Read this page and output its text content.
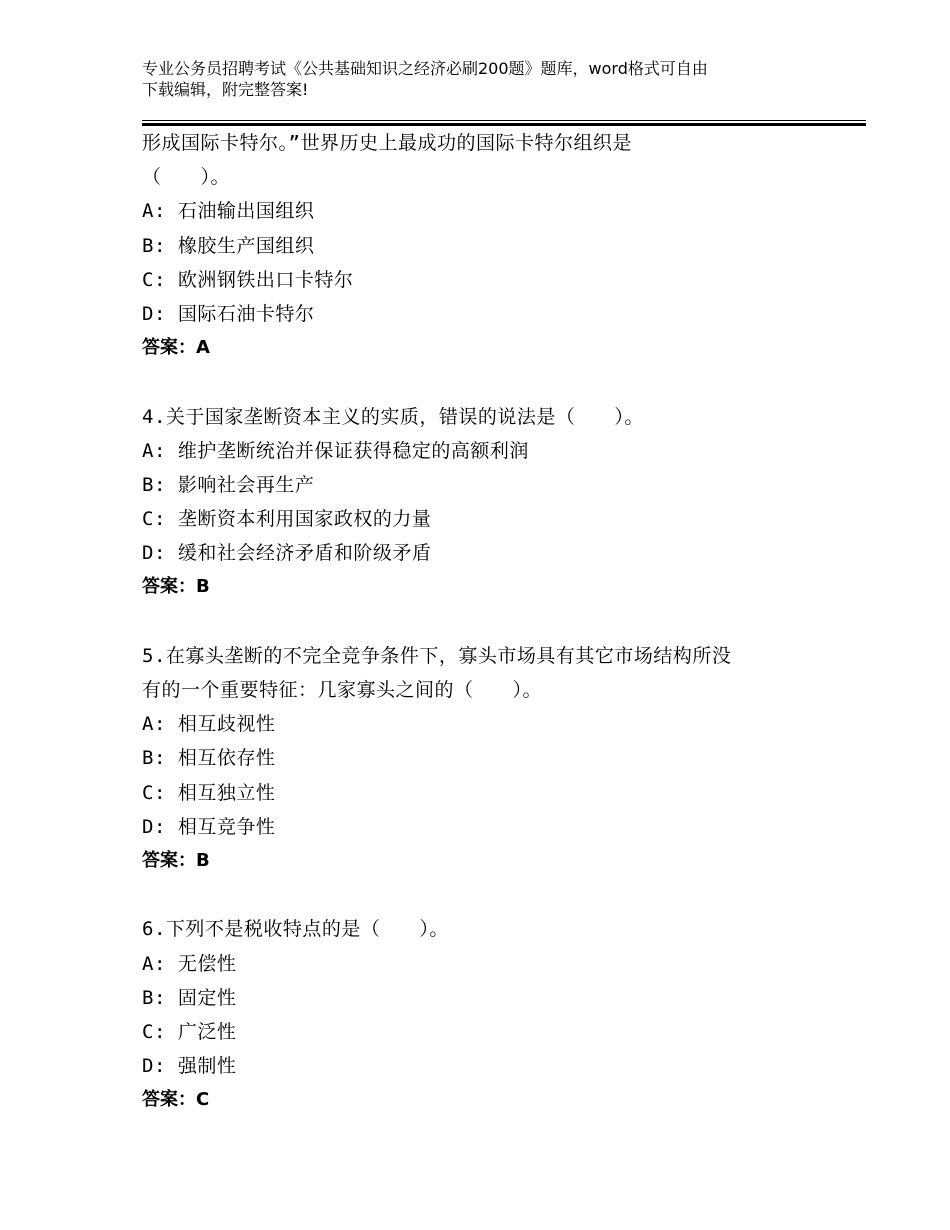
专业公务员招聘考试《公共基础知识之经济必刷200题》题库，word格式可自由
下载编辑，附完整答案!
形成国际卡特尔。”世界历史上最成功的国际卡特尔组织是
（　　）。
A: 石油输出国组织
B: 橡胶生产国组织
C: 欧洲钢铁出口卡特尔
D: 国际石油卡特尔
答案：A
4.关于国家垄断资本主义的实质，错误的说法是（　　）。
A: 维护垄断统治并保证获得稳定的高额利润
B: 影响社会再生产
C: 垄断资本利用国家政权的力量
D: 缓和社会经济矛盾和阶级矛盾
答案：B
5.在寡头垄断的不完全竞争条件下，寡头市场具有其它市场结构所没
有的一个重要特征：几家寡头之间的（　　）。
A: 相互歧视性
B: 相互依存性
C: 相互独立性
D: 相互竞争性
答案：B
6.下列不是税收特点的是（　　）。
A: 无偿性
B: 固定性
C: 广泛性
D: 强制性
答案：C
